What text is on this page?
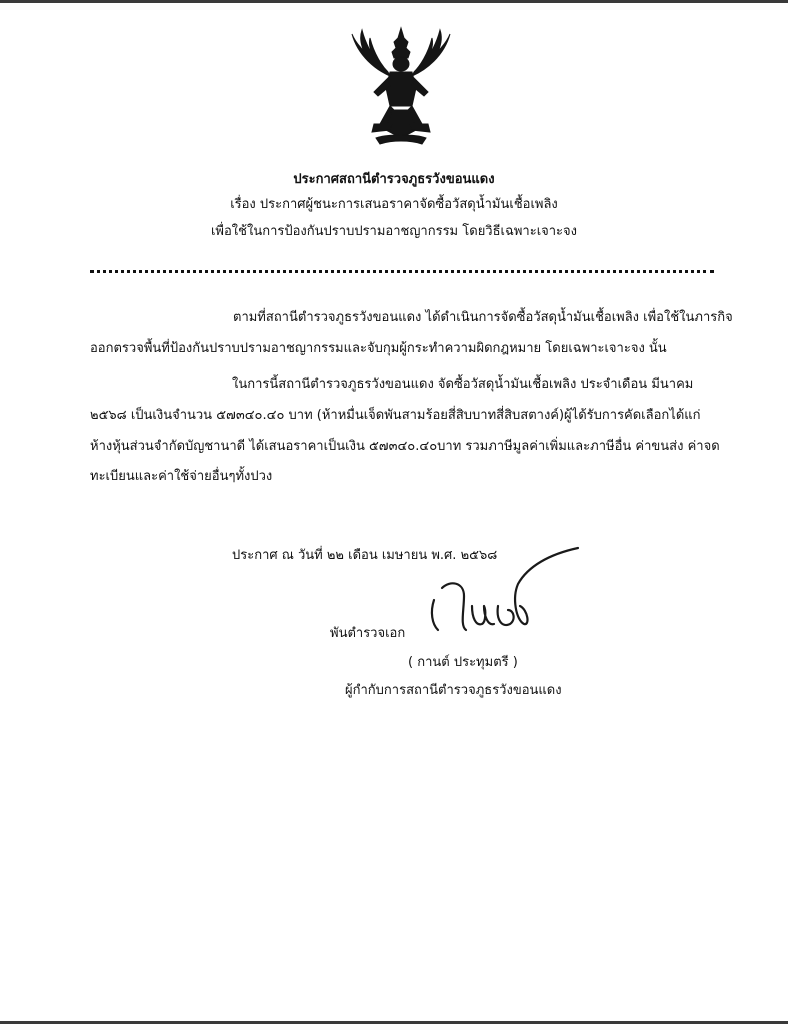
ประกาศสถานีตำรวจภูธรวังขอนแดง
เรื่อง ประกาศผู้ชนะการเสนอราคาจัดซื้อวัสดุน้ำมันเชื้อเพลิง
เพื่อใช้ในการป้องกันปราบปรามอาชญากรรม โดยวิธีเฉพาะเจาะจง
ตามที่สถานีตำรวจภูธรวังขอนแดง ได้ดำเนินการจัดซื้อวัสดุน้ำมันเชื้อเพลิง เพื่อใช้ในภารกิจ
ออกตรวจพื้นที่ป้องกันปราบปรามอาชญากรรมและจับกุมผู้กระทำความผิดกฎหมาย โดยเฉพาะเจาะจง นั้น
ในการนี้สถานีตำรวจภูธรวังขอนแดง จัดซื้อวัสดุน้ำมันเชื้อเพลิง ประจำเดือน มีนาคม
๒๕๖๘ เป็นเงินจำนวน ๕๗๓๔๐.๔๐ บาท (ห้าหมื่นเจ็ดพันสามร้อยสี่สิบบาทสี่สิบสตางค์)ผู้ได้รับการคัดเลือกได้แก่
ห้างหุ้นส่วนจำกัดบัญชานาดี ได้เสนอราคาเป็นเงิน ๕๗๓๔๐.๔๐บาท รวมภาษีมูลค่าเพิ่มและภาษีอื่น ค่าขนส่ง ค่าจด
ทะเบียนและค่าใช้จ่ายอื่นๆทั้งปวง
ประกาศ ณ วันที่ ๒๒ เดือน เมษายน พ.ศ. ๒๕๖๘
พันตำรวจเอก
( กานต์ ประทุมตรี )
ผู้กำกับการสถานีตำรวจภูธรวังขอนแดง
